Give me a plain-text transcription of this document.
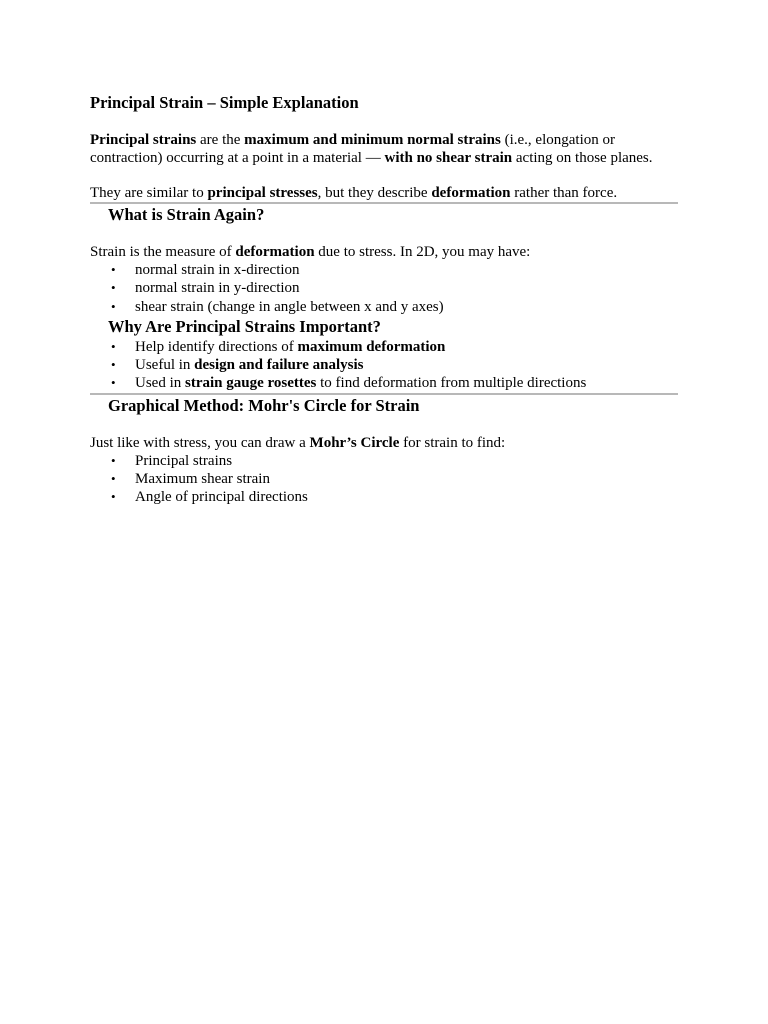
Principal Strain – Simple Explanation

Principal strains are the maximum and minimum normal strains (i.e., elongation or contraction) occurring at a point in a material — with no shear strain acting on those planes.

They are similar to principal stresses, but they describe deformation rather than force.

What is Strain Again?

Strain is the measure of deformation due to stress. In 2D, you may have:

• normal strain in x-direction
• normal strain in y-direction
• shear strain (change in angle between x and y axes)
Why Are Principal Strains Important?
• Help identify directions of maximum deformation
• Useful in design and failure analysis
• Used in strain gauge rosettes to find deformation from multiple directions
Graphical Method: Mohr's Circle for Strain

Just like with stress, you can draw a Mohr’s Circle for strain to find:

• Principal strains
• Maximum shear strain
• Angle of principal directions
